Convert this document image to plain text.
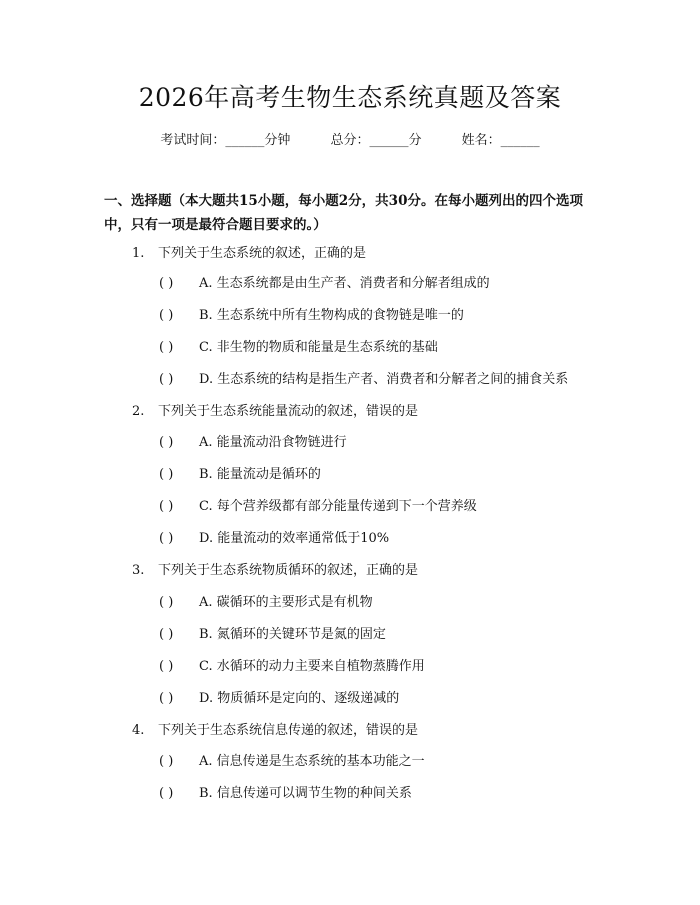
2026年高考生物生态系统真题及答案
考试时间：______分钟	总分：______分	姓名：______
一、选择题（本大题共15小题，每小题2分，共30分。在每小题列出的四个选项中，只有一项是最符合题目要求的。）
1. 下列关于生态系统的叙述，正确的是
( ) A. 生态系统都是由生产者、消费者和分解者组成的
( ) B. 生态系统中所有生物构成的食物链是唯一的
( ) C. 非生物的物质和能量是生态系统的基础
( ) D. 生态系统的结构是指生产者、消费者和分解者之间的捕食关系
2. 下列关于生态系统能量流动的叙述，错误的是
( ) A. 能量流动沿食物链进行
( ) B. 能量流动是循环的
( ) C. 每个营养级都有部分能量传递到下一个营养级
( ) D. 能量流动的效率通常低于10%
3. 下列关于生态系统物质循环的叙述，正确的是
( ) A. 碳循环的主要形式是有机物
( ) B. 氮循环的关键环节是氮的固定
( ) C. 水循环的动力主要来自植物蒸腾作用
( ) D. 物质循环是定向的、逐级递减的
4. 下列关于生态系统信息传递的叙述，错误的是
( ) A. 信息传递是生态系统的基本功能之一
( ) B. 信息传递可以调节生物的种间关系
